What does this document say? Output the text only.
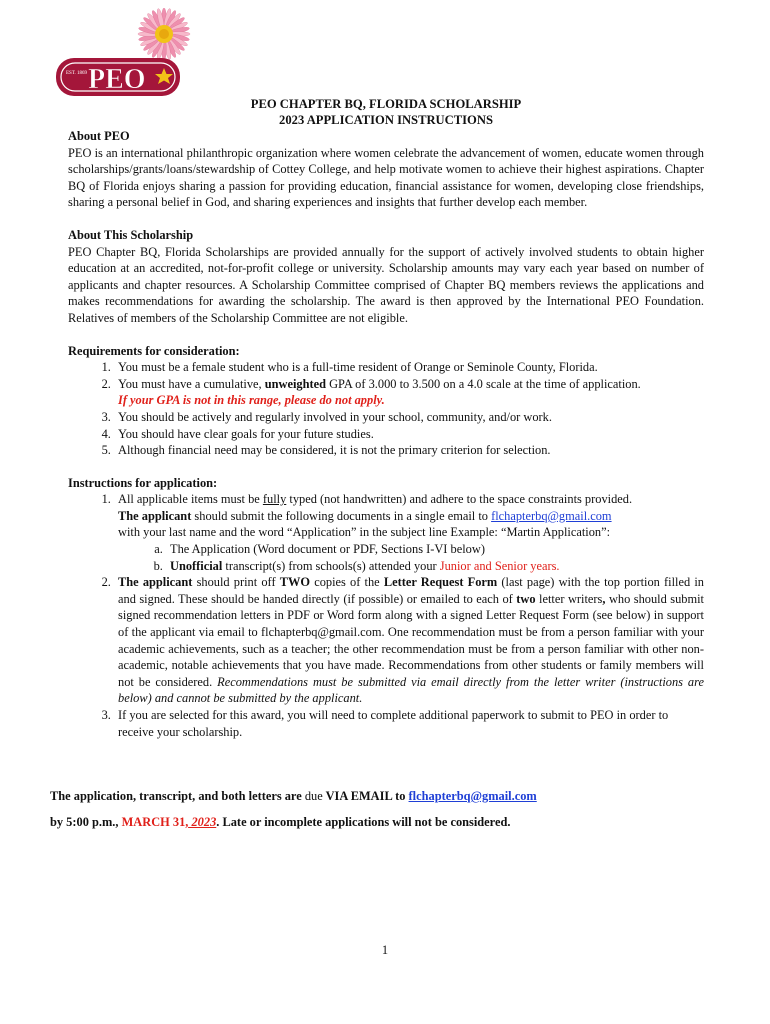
EST. 1869 PEO
PEO CHAPTER BQ, FLORIDA SCHOLARSHIP
2023 APPLICATION INSTRUCTIONS
About PEO

PEO is an international philanthropic organization where women celebrate the advancement of women, educate women through scholarships/grants/loans/stewardship of Cottey College, and help motivate women to achieve their highest aspirations. Chapter BQ of Florida enjoys sharing a passion for providing education, financial assistance for women, developing close friendships, sharing a personal belief in God, and sharing experiences and insights that further develop each member.

About This Scholarship

PEO Chapter BQ, Florida Scholarships are provided annually for the support of actively involved students to obtain higher education at an accredited, not-for-profit college or university. Scholarship amounts may vary each year based on number of applicants and chapter resources. A Scholarship Committee comprised of Chapter BQ members reviews the applications and makes recommendations for awarding the scholarship. The award is then approved by the International PEO Foundation. Relatives of members of the Scholarship Committee are not eligible.

Requirements for consideration:
1. You must be a female student who is a full-time resident of Orange or Seminole County, Florida.
2. You must have a cumulative, unweighted GPA of 3.000 to 3.500 on a 4.0 scale at the time of application.
If your GPA is not in this range, please do not apply.
3. You should be actively and regularly involved in your school, community, and/or work.
4. You should have clear goals for your future studies.
5. Although financial need may be considered, it is not the primary criterion for selection.
Instructions for application:
1. All applicable items must be fully typed (not handwritten) and adhere to the space constraints provided.
The applicant should submit the following documents in a single email to flchapterbq@gmail.com
with your last name and the word “Application” in the subject line Example: “Martin Application”:
a. The Application (Word document or PDF, Sections I-VI below)
b. Unofficial transcript(s) from schools(s) attended your Junior and Senior years.

2. The applicant should print off TWO copies of the Letter Request Form (last page) with the top portion filled in and signed. These should be handed directly (if possible) or emailed to each of two letter writers, who should submit signed recommendation letters in PDF or Word form along with a signed Letter Request Form (see below) in support of the applicant via email to flchapterbq@gmail.com. One recommendation must be from a person familiar with your academic achievements, such as a teacher; the other recommendation must be from a person familiar with other non-academic, notable achievements that you have made. Recommendations from other students or family members will not be considered. Recommendations must be submitted via email directly from the letter writer (instructions are below) and cannot be submitted by the applicant.

3. If you are selected for this award, you will need to complete additional paperwork to submit to PEO in order to receive your scholarship.
The application, transcript, and both letters are due VIA EMAIL to flchapterbq@gmail.com
by 5:00 p.m., MARCH 31, 2023. Late or incomplete applications will not be considered.
1
